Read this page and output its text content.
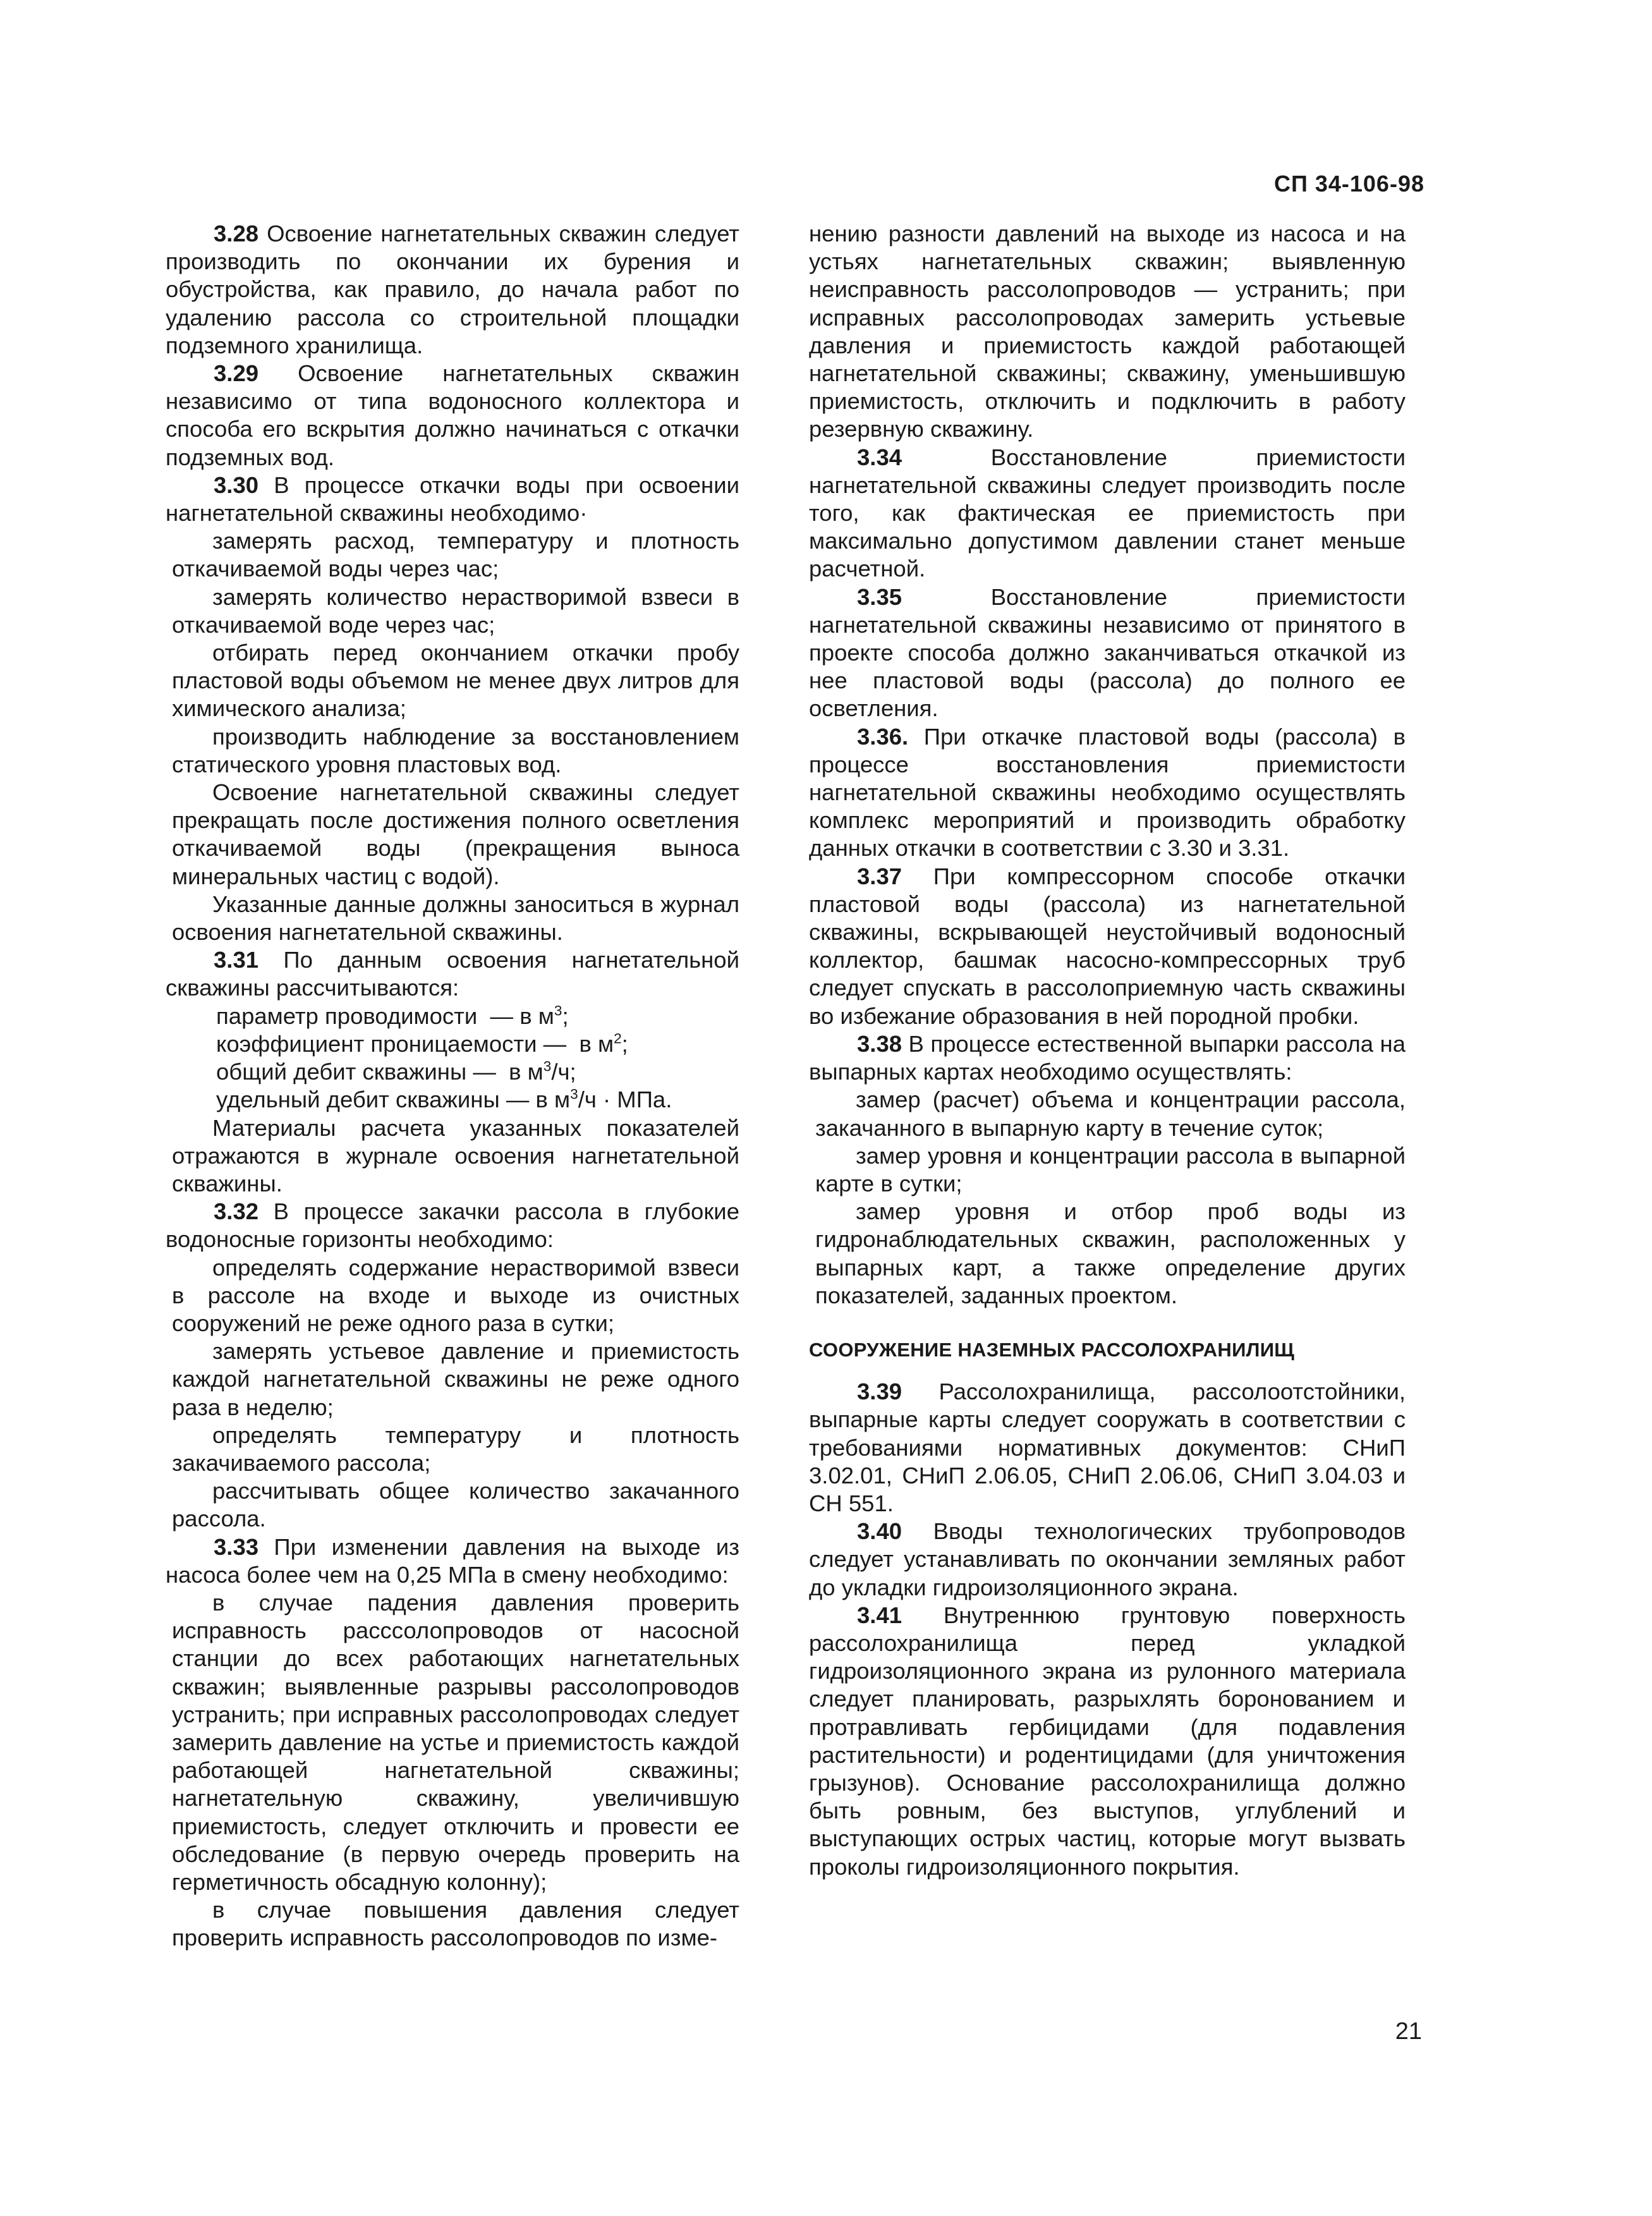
СП 34-106-98

3.28 Освоение нагнетательных скважин следует производить по окончании их бурения и обустройства, как правило, до начала работ по удалению рассола со строительной площадки подземного хранилища.

3.29 Освоение нагнетательных скважин независимо от типа водоносного коллектора и способа его вскрытия должно начинаться с откачки подземных вод.

3.30 В процессе откачки воды при освоении нагнетательной скважины необходимо·

замерять расход, температуру и плотность откачиваемой воды через час;

замерять количество нерастворимой взвеси в откачиваемой воде через час;

отбирать перед окончанием откачки пробу пластовой воды объемом не менее двух литров для химического анализа;

производить наблюдение за восстановлением статического уровня пластовых вод.

Освоение нагнетательной скважины следует прекращать после достижения полного осветления откачиваемой воды (прекращения выноса минеральных частиц с водой).

Указанные данные должны заноситься в журнал освоения нагнетательной скважины.

3.31 По данным освоения нагнетательной скважины рассчитываются:

параметр проводимости  — в $м^3$;

коэффициент проницаемости —  в $м^2$;

общий дебит скважины —  в $м^3/ч$;

удельный дебит скважины — в $м^3/ч$ · МПа.

Материалы расчета указанных показателей отражаются в журнале освоения нагнетательной скважины.

3.32 В процессе закачки рассола в глубокие водоносные горизонты необходимо:

определять содержание нерастворимой взвеси в рассоле на входе и выходе из очистных сооружений не реже одного раза в сутки;

замерять устьевое давление и приемистость каждой нагнетательной скважины не реже одного раза в неделю;

определять температуру и плотность закачиваемого рассола;

рассчитывать общее количество закачанного рассола.

3.33 При изменении давления на выходе из насоса более чем на 0,25 МПа в смену необходимо:

в случае падения давления проверить исправность расссолопроводов от насосной станции до всех работающих нагнетательных скважин; выявленные разрывы рассолопроводов устранить; при исправных рассолопроводах следует замерить давление на устье и приемистость каждой работающей нагнетательной скважины; нагнетательную скважину, увеличившую приемистость, следует отключить и провести ее обследование (в первую очередь проверить на герметичность обсадную колонну);

в случае повышения давления следует проверить исправность рассолопроводов по изме-

нению разности давлений на выходе из насоса и на устьях нагнетательных скважин; выявленную неисправность рассолопроводов — устранить; при исправных рассолопроводах замерить устьевые давления и приемистость каждой работающей нагнетательной скважины; скважину, уменьшившую приемистость, отключить и подключить в работу резервную скважину.

3.34 Восстановление приемистости нагнетательной скважины следует производить после того, как фактическая ее приемистость при максимально допустимом давлении станет меньше расчетной.

3.35 Восстановление приемистости нагнетательной скважины независимо от принятого в проекте способа должно заканчиваться откачкой из нее пластовой воды (рассола) до полного ее осветления.

3.36. При откачке пластовой воды (рассола) в процессе восстановления приемистости нагнетательной скважины необходимо осуществлять комплекс мероприятий и производить обработку данных откачки в соответствии с 3.30 и 3.31.

3.37 При компрессорном способе откачки пластовой воды (рассола) из нагнетательной скважины, вскрывающей неустойчивый водоносный коллектор, башмак насосно-компрессорных труб следует спускать в рассолоприемную часть скважины во избежание образования в ней породной пробки.

3.38 В процессе естественной выпарки рассола на выпарных картах необходимо осуществлять:

замер (расчет) объема и концентрации рассола, закачанного в выпарную карту в течение суток;

замер уровня и концентрации рассола в выпарной карте в сутки;

замер уровня и отбор проб воды из гидронаблюдательных скважин, расположенных у выпарных карт, а также определение других показателей, заданных проектом.

СООРУЖЕНИЕ НАЗЕМНЫХ РАССОЛОХРАНИЛИЩ

3.39 Рассолохранилища, рассолоотстойники, выпарные карты следует сооружать в соответствии с требованиями нормативных документов: СНиП 3.02.01, СНиП 2.06.05, СНиП 2.06.06, СНиП 3.04.03 и СН 551.

3.40 Вводы технологических трубопроводов следует устанавливать по окончании земляных работ до укладки гидроизоляционного экрана.

3.41 Внутреннюю грунтовую поверхность рассолохранилища перед укладкой гидроизоляционного экрана из рулонного материала следует планировать, разрыхлять боронованием и протравливать гербицидами (для подавления растительности) и родентицидами (для уничтожения грызунов). Основание рассолохранилища должно быть ровным, без выступов, углублений и выступающих острых частиц, которые могут вызвать проколы гидроизоляционного покрытия.

21
